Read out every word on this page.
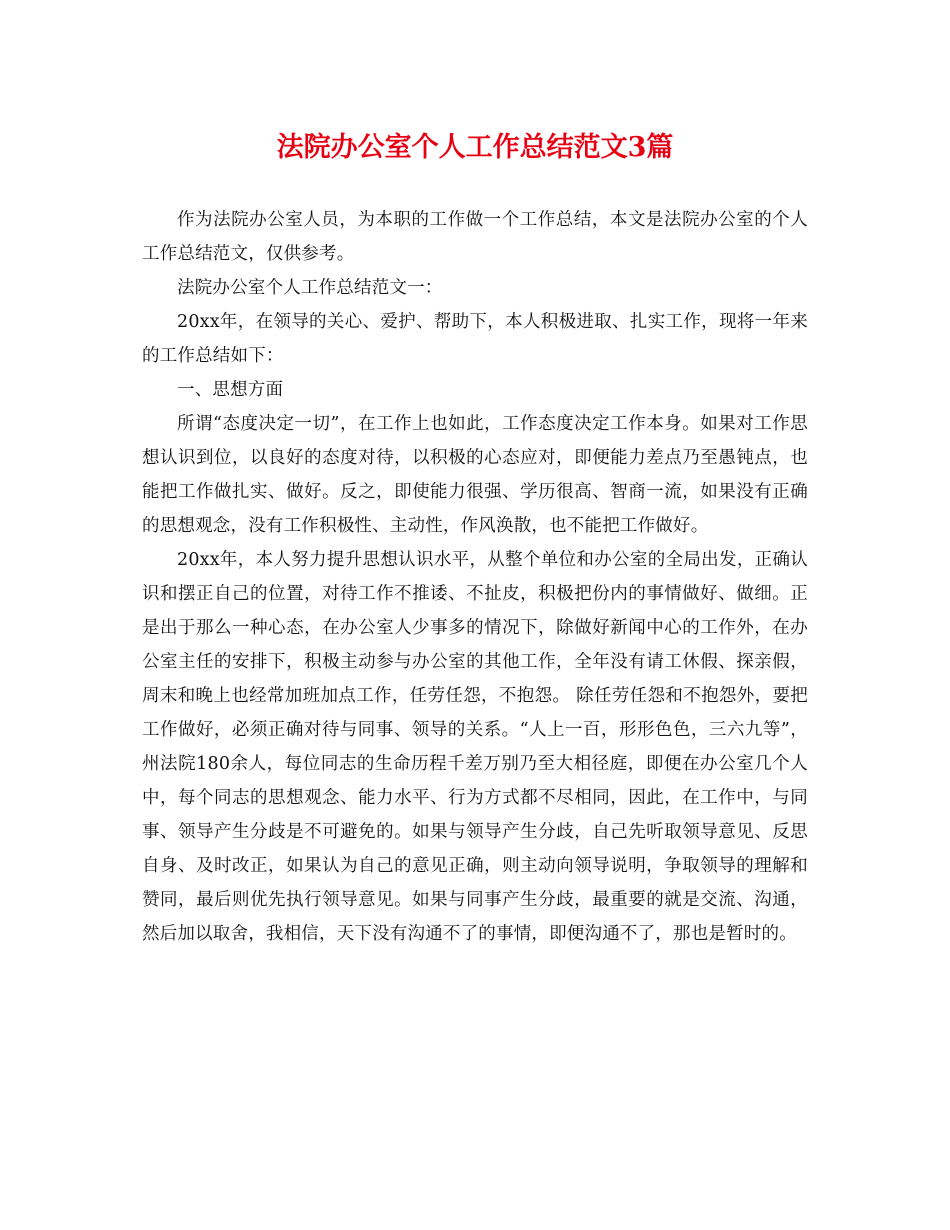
法院办公室个人工作总结范文3篇

作为法院办公室人员，为本职的工作做一个工作总结，本文是法院办公室的个人工作总结范文，仅供参考。

法院办公室个人工作总结范文一：

20xx年，在领导的关心、爱护、帮助下，本人积极进取、扎实工作，现将一年来的工作总结如下：

一、思想方面

所谓“态度决定一切”，在工作上也如此，工作态度决定工作本身。如果对工作思想认识到位，以良好的态度对待，以积极的心态应对，即便能力差点乃至愚钝点，也能把工作做扎实、做好。反之，即使能力很强、学历很高、智商一流，如果没有正确的思想观念，没有工作积极性、主动性，作风涣散，也不能把工作做好。

20xx年，本人努力提升思想认识水平，从整个单位和办公室的全局出发，正确认识和摆正自己的位置，对待工作不推诿、不扯皮，积极把份内的事情做好、做细。正是出于那么一种心态，在办公室人少事多的情况下，除做好新闻中心的工作外，在办公室主任的安排下，积极主动参与办公室的其他工作，全年没有请工休假、探亲假，周末和晚上也经常加班加点工作，任劳任怨，不抱怨。 除任劳任怨和不抱怨外，要把工作做好，必须正确对待与同事、领导的关系。“人上一百，形形色色，三六九等”，州法院180余人，每位同志的生命历程千差万别乃至大相径庭，即便在办公室几个人中，每个同志的思想观念、能力水平、行为方式都不尽相同，因此，在工作中，与同事、领导产生分歧是不可避免的。如果与领导产生分歧，自己先听取领导意见、反思自身、及时改正，如果认为自己的意见正确，则主动向领导说明，争取领导的理解和赞同，最后则优先执行领导意见。如果与同事产生分歧，最重要的就是交流、沟通，然后加以取舍，我相信，天下没有沟通不了的事情，即便沟通不了，那也是暂时的。
